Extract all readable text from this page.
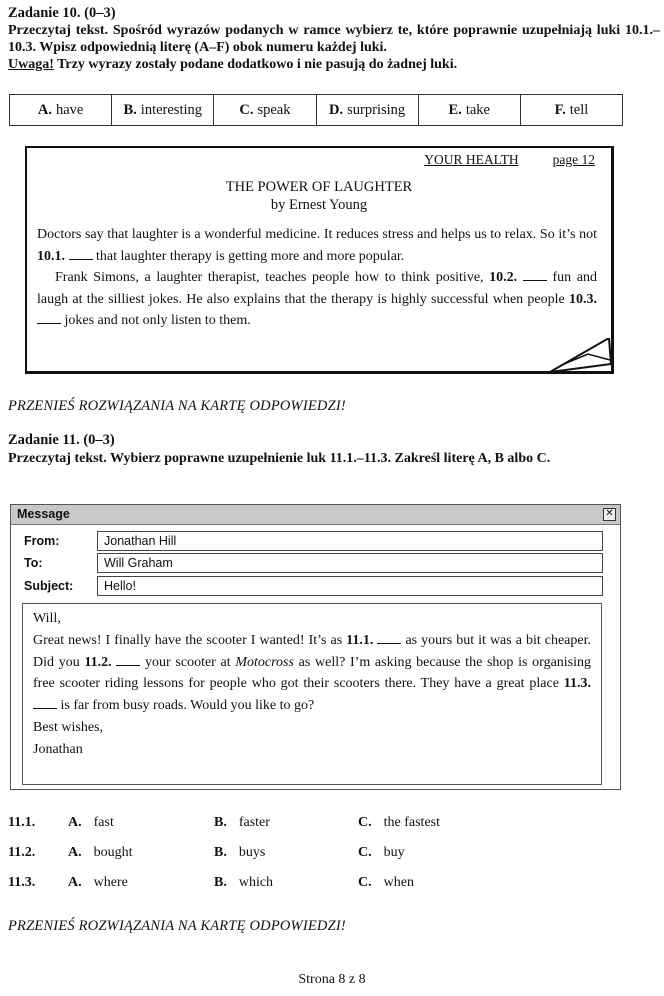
Zadanie 10. (0–3)
Przeczytaj tekst. Spośród wyrazów podanych w ramce wybierz te, które poprawnie uzupełniają luki 10.1.–10.3. Wpisz odpowiednią literę (A–F) obok numeru każdej luki.
Uwaga! Trzy wyrazy zostały podane dodatkowo i nie pasują do żadnej luki.
A. have	B. interesting	C. speak	D. surprising	E. take	F. tell
YOUR HEALTH	page 12
THE POWER OF LAUGHTER
by Ernest Young

Doctors say that laughter is a wonderful medicine. It reduces stress and helps us to relax. So it’s not 10.1.  that laughter therapy is getting more and more popular.

Frank Simons, a laughter therapist, teaches people how to think positive, 10.2.  fun and laugh at the silliest jokes. He also explains that the therapy is highly successful when people 10.3. jokes and not only listen to them.

PRZENIEŚ ROZWIĄZANIA NA KARTĘ ODPOWIEDZI!
Zadanie 11. (0–3)
Przeczytaj tekst. Wybierz poprawne uzupełnienie luk 11.1.–11.3. Zakreśl literę A, B albo C.
Message	✕
From:	Jonathan Hill
To:	Will Graham
Subject: Hello!

Will,

Great news! I finally have the scooter I wanted! It’s as 11.1.  as yours but it was a bit cheaper. Did you 11.2.  your scooter at Motocross as well? I’m asking because the shop is organising free scooter riding lessons for people who got their scooters there. They have a great place 11.3.  is far from busy roads. Would you like to go?

Best wishes,

Jonathan

11.1. A. fast	B. faster	C. the fastest
11.2. A. bought	B. buys	C. buy
11.3. A. where	B. which	C. when
PRZENIEŚ ROZWIĄZANIA NA KARTĘ ODPOWIEDZI!
Strona 8 z 8
